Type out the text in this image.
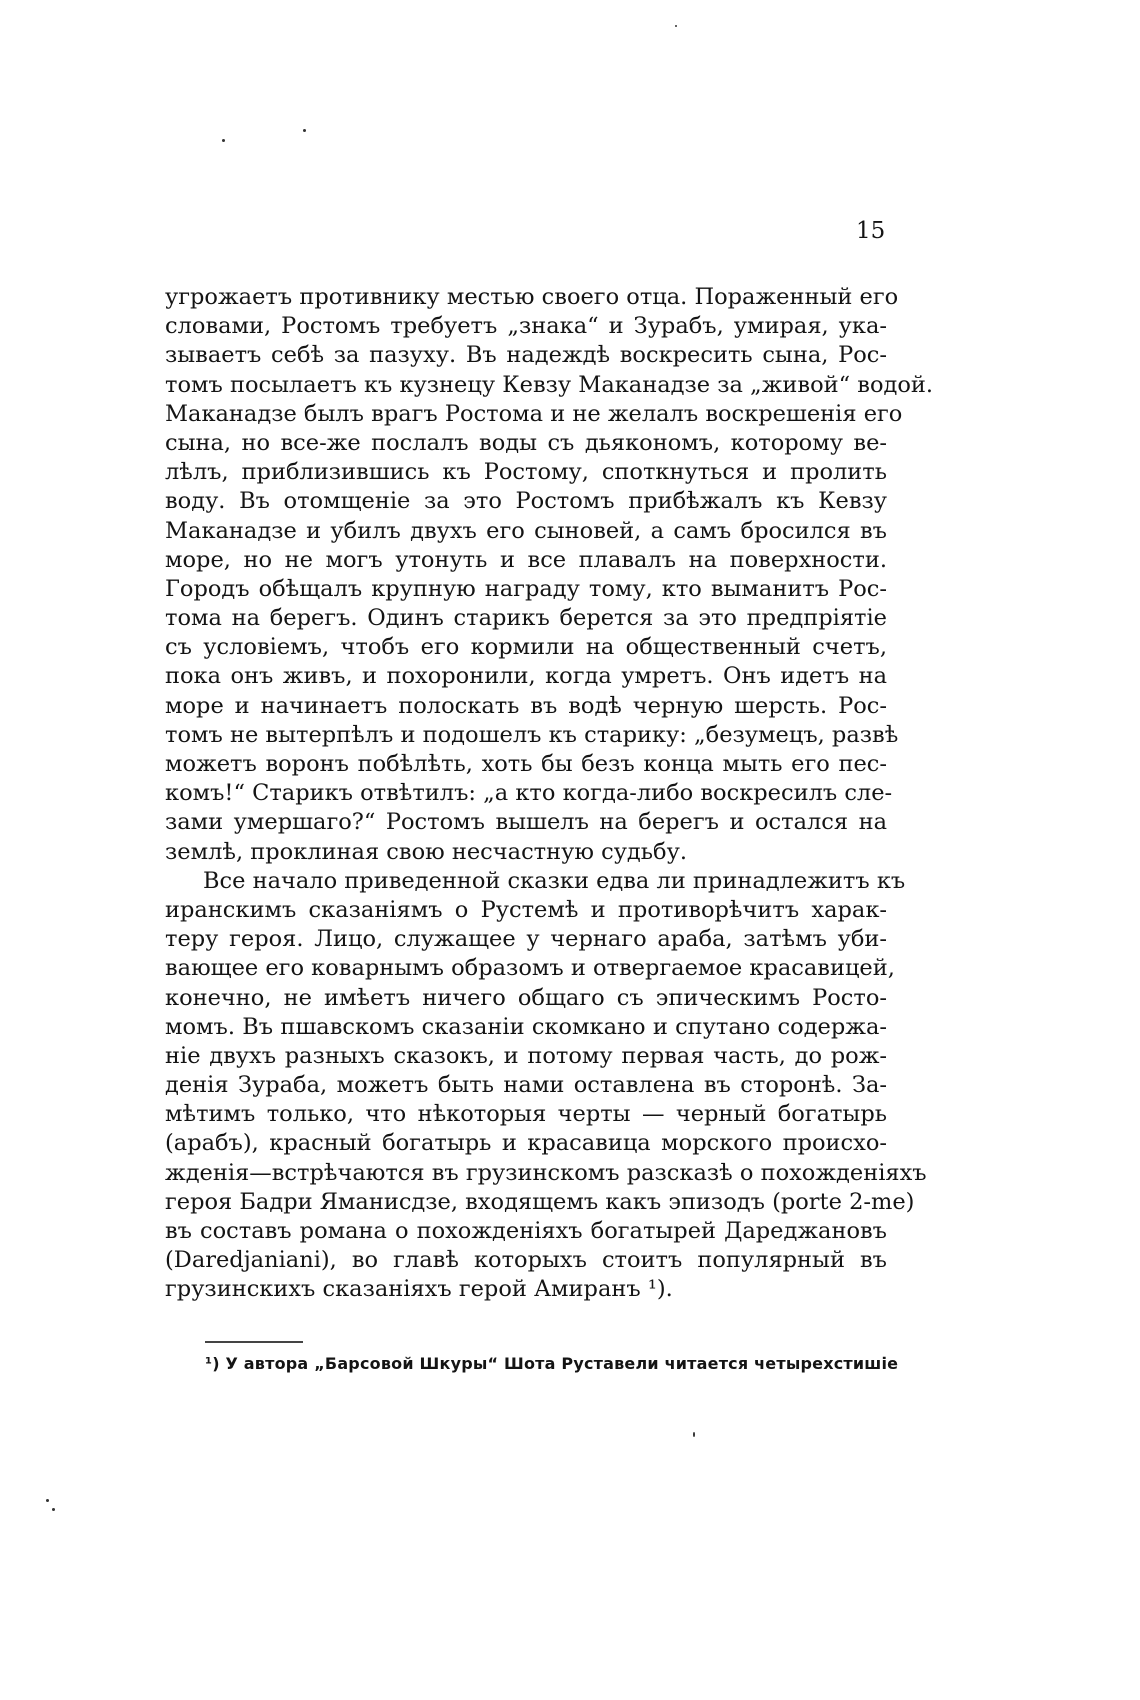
15
угрожаетъ противнику местью своего отца. Пораженный его
словами, Ростомъ требуетъ „знака“ и Зурабъ, умирая, ука-
зываетъ себѣ за пазуху. Въ надеждѣ воскресить сына, Рос-
томъ посылаетъ къ кузнецу Кевзу Маканадзе за „живой“ водой.
Маканадзе былъ врагъ Ростома и не желалъ воскрешенія его
сына, но все-же послалъ воды съ дьякономъ, которому ве-
лѣлъ, приблизившись къ Ростому, споткнуться и пролить
воду. Въ отомщеніе за это Ростомъ прибѣжалъ къ Кевзу
Маканадзе и убилъ двухъ его сыновей, а самъ бросился въ
море, но не могъ утонуть и все плавалъ на поверхности.
Городъ обѣщалъ крупную награду тому, кто выманитъ Рос-
тома на берегъ. Одинъ старикъ берется за это предпріятіе
съ условіемъ, чтобъ его кормили на общественный счетъ,
пока онъ живъ, и похоронили, когда умретъ. Онъ идетъ на
море и начинаетъ полоскать въ водѣ черную шерсть. Рос-
томъ не вытерпѣлъ и подошелъ къ старику: „безумецъ, развѣ
можетъ воронъ побѣлѣть, хоть бы безъ конца мыть его пес-
комъ!“ Старикъ отвѣтилъ: „а кто когда-либо воскресилъ сле-
зами умершаго?“ Ростомъ вышелъ на берегъ и остался на
землѣ, проклиная свою несчастную судьбу.
Все начало приведенной сказки едва ли принадлежитъ къ
иранскимъ сказаніямъ о Рустемѣ и противорѣчитъ харак-
теру героя. Лицо, служащее у чернаго араба, затѣмъ уби-
вающее его коварнымъ образомъ и отвергаемое красавицей,
конечно, не имѣетъ ничего общаго съ эпическимъ Росто-
момъ. Въ пшавскомъ сказаніи скомкано и спутано содержа-
ніе двухъ разныхъ сказокъ, и потому первая часть, до рож-
денія Зураба, можетъ быть нами оставлена въ сторонѣ. За-
мѣтимъ только, что нѣкоторыя черты — черный богатырь
(арабъ), красный богатырь и красавица морского происхо-
жденія—встрѣчаются въ грузинскомъ разсказѣ о похожденіяхъ
героя Бадри Яманисдзе, входящемъ какъ эпизодъ (porte 2-me)
въ составъ романа о похожденіяхъ богатырей Дареджановъ
(Daredjaniani), во главѣ которыхъ стоитъ популярный въ
грузинскихъ сказаніяхъ герой Амиранъ ¹).
¹) У автора „Барсовой Шкуры“ Шота Руставели читается четырехстишіе
